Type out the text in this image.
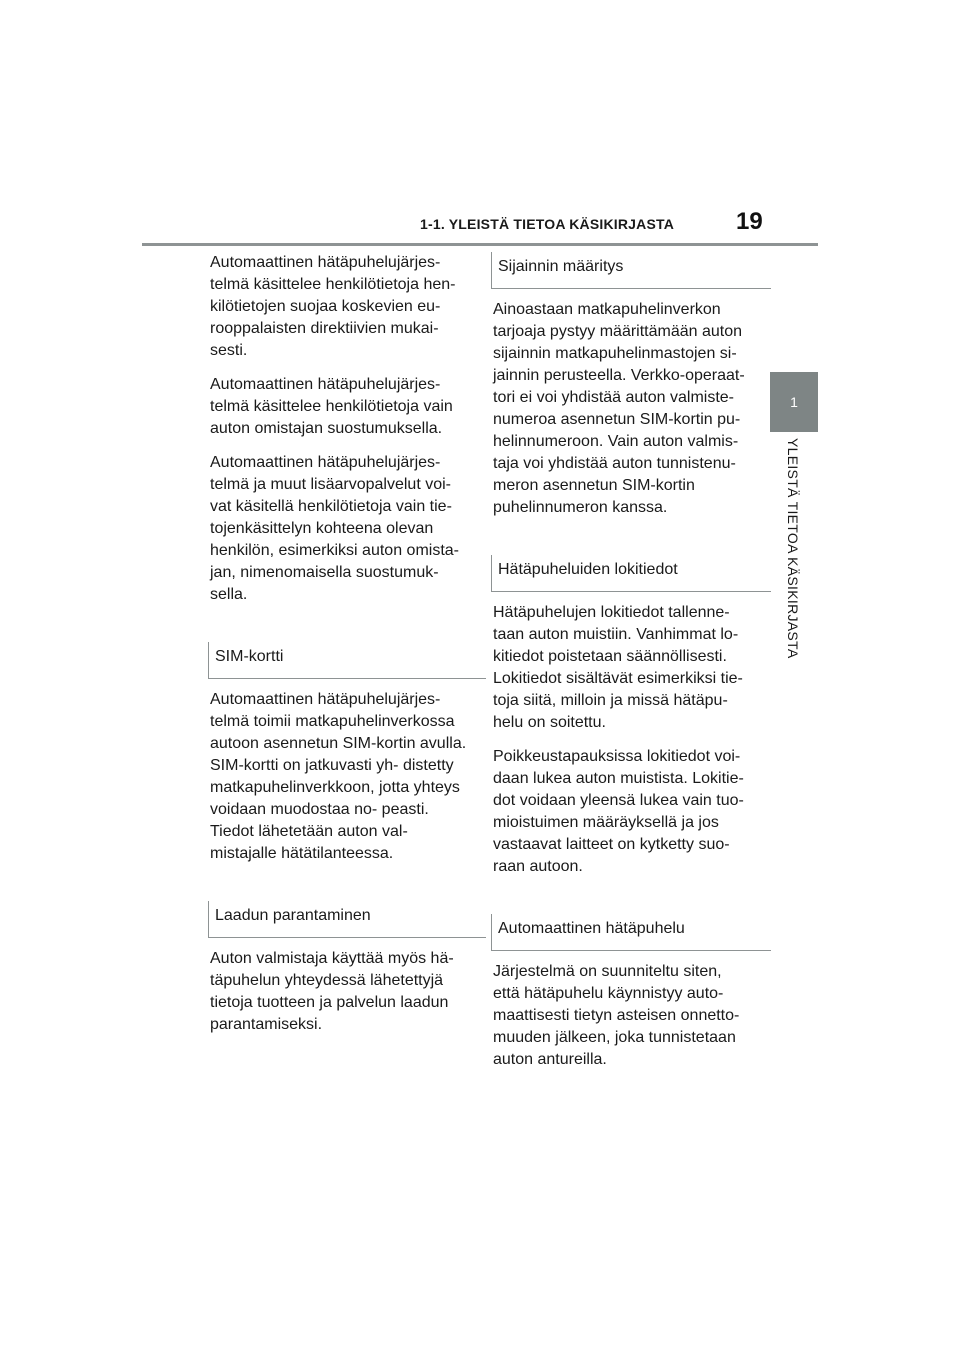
1-1. YLEISTÄ TIETOA KÄSIKIRJASTA	19
1
YLEISTÄ TIETOA KÄSIKIRJASTA

Automaattinen hätäpuhelujärjes- telmä käsittelee henkilötietoja hen- kilötietojen suojaa koskevien eu- rooppalaisten direktiivien mukai- sesti.

Automaattinen hätäpuhelujärjes- telmä käsittelee henkilötietoja vain auton omistajan suostumuksella.

Automaattinen hätäpuhelujärjes- telmä ja muut lisäarvopalvelut voi- vat käsitellä henkilötietoja vain tie- tojenkäsittelyn kohteena olevan henkilön, esimerkiksi auton omista- jan, nimenomaisella suostumuk- sella.

SIM-kortti

Automaattinen hätäpuhelujärjes- telmä toimii matkapuhelinverkossa autoon asennetun SIM-kortin avulla. SIM-kortti on jatkuvasti yh- distetty matkapuhelinverkkoon, jotta yhteys voidaan muodostaa no- peasti. Tiedot lähetetään auton val- mistajalle hätätilanteessa.

Laadun parantaminen

Auton valmistaja käyttää myös hä- täpuhelun yhteydessä lähetettyjä tietoja tuotteen ja palvelun laadun parantamiseksi.

Sijainnin määritys

Ainoastaan matkapuhelinverkon tarjoaja pystyy määrittämään auton sijainnin matkapuhelinmastojen si- jainnin perusteella. Verkko-operaat- tori ei voi yhdistää auton valmiste- numeroa asennetun SIM-kortin pu- helinnumeroon. Vain auton valmis- taja voi yhdistää auton tunnistenu- meron asennetun SIM-kortin puhelinnumeron kanssa.

Hätäpuheluiden lokitiedot

Hätäpuhelujen lokitiedot tallenne- taan auton muistiin. Vanhimmat lo- kitiedot poistetaan säännöllisesti. Lokitiedot sisältävät esimerkiksi tie- toja siitä, milloin ja missä hätäpu- helu on soitettu.

Poikkeustapauksissa lokitiedot voi- daan lukea auton muistista. Lokitie- dot voidaan yleensä lukea vain tuo- mioistuimen määräyksellä ja jos vastaavat laitteet on kytketty suo- raan autoon.

Automaattinen hätäpuhelu

Järjestelmä on suunniteltu siten, että hätäpuhelu käynnistyy auto- maattisesti tietyn asteisen onnetto- muuden jälkeen, joka tunnistetaan auton antureilla.
